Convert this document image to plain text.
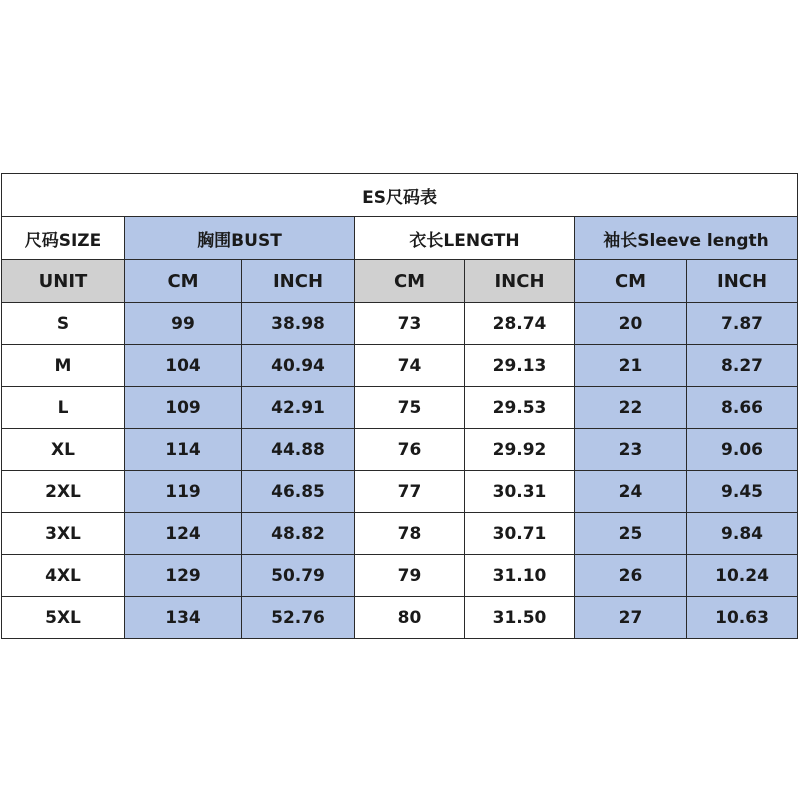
ES尺码表						
尺码SIZE	胸围BUST		衣长LENGTH		袖长Sleeve length	
UNIT	CM	INCH	CM	INCH	CM	INCH
S	99	38.98	73	28.74	20	7.87
M	104	40.94	74	29.13	21	8.27
L	109	42.91	75	29.53	22	8.66
XL	114	44.88	76	29.92	23	9.06
2XL	119	46.85	77	30.31	24	9.45
3XL	124	48.82	78	30.71	25	9.84
4XL	129	50.79	79	31.10	26	10.24
5XL	134	52.76	80	31.50	27	10.63
